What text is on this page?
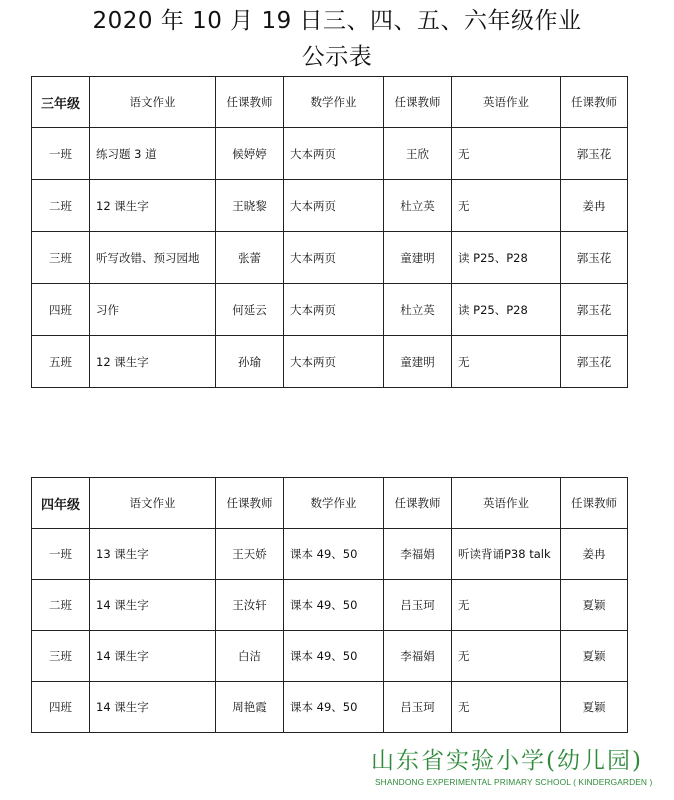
2020 年 10 月 19 日三、四、五、六年级作业
公示表
三年级	语文作业	任课教师	数学作业	任课教师	英语作业	任课教师
一班	练习题 3 道	候婷婷	大本两页	王欣	无	郭玉花
二班	12 课生字	王晓黎	大本两页	杜立英	无	姜冉
三班	听写改错、预习园地	张蕾	大本两页	童建明	读 P25、P28	郭玉花
四班	习作	何延云	大本两页	杜立英	读 P25、P28	郭玉花
五班	12 课生字	孙瑜	大本两页	童建明	无	郭玉花
四年级	语文作业	任课教师	数学作业	任课教师	英语作业	任课教师
一班	13 课生字	王天娇	课本 49、50	李福娟	听读背诵P38 talk	姜冉
二班	14 课生字	王汝轩	课本 49、50	吕玉珂	无	夏颖
三班	14 课生字	白洁	课本 49、50	李福娟	无	夏颖
四班	14 课生字	周艳霞	课本 49、50	吕玉珂	无	夏颖
山东省实验小学(幼儿园)
SHANDONG EXPERIMENTAL PRIMARY SCHOOL ( KINDERGARDEN )
